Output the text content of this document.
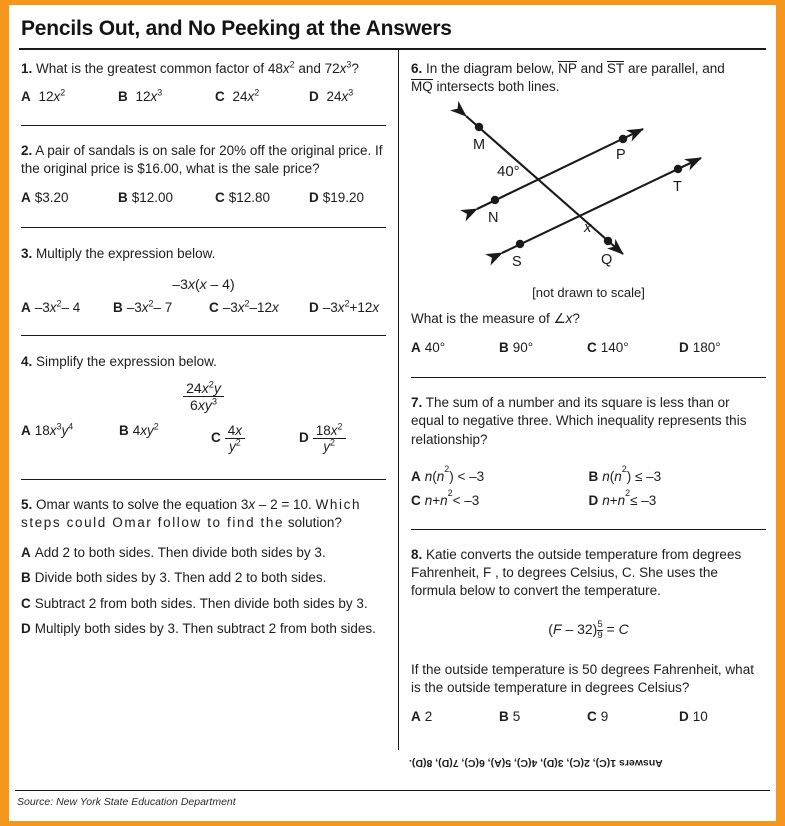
Pencils Out, and No Peeking at the Answers

1. What is the greatest common factor of $48x^2$ and $72x^3$?

A $12x^2$	B $12x^3$	C $24x^2$	D $24x^3$

2. A pair of sandals is on sale for 20% off the original price. If the original price is $16.00, what is the sale price?

A $3.20	B $12.00	C $12.80	D $19.20

3. Multiply the expression below.

–3x(x – 4)
A $-3x^2-$ 4	B $-3x^2-$ 7	C $-3x^2-12x$	D $-3x^2+12x$

4. Simplify the expression below.

$\frac{24x^2y}{6xy^3}$
A $18x^3y^4$	B $4xy^2$
C $\frac{4x}{y^2}$	D $\frac{18x^2}{y^2}$

5. Omar wants to solve the equation 3x – 2 = 10. Which steps could Omar follow to find the solution?

A Add 2 to both sides. Then divide both sides by 3.
B Divide both sides by 3. Then add 2 to both sides.
C Subtract 2 from both sides. Then divide both sides by 3.
D Multiply both sides by 3. Then subtract 2 from both sides.

6. In the diagram below, NP and ST are parallel, and
MQ intersects both lines.

M
P
N
T
S	Q
40°
x
[not drawn to scale]

What is the measure of ∠x?

A 40°	B 90°	C 140°	D 180°

7. The sum of a number and its square is less than or equal to negative three. Which inequality represents this relationship?

A n ( n 2 ) < –3	B n ( n 2 ) ≤ –3
C n + n 2 < –3	D n + n 2 ≤ –3

8. Katie converts the outside temperature from degrees Fahrenheit, F , to degrees Celsius, C. She uses the formula below to convert the temperature.

$(F - 32) \frac{5}{9} = C$

If the outside temperature is 50 degrees Fahrenheit, what is the outside temperature in degrees Celsius?

A 2	B 5	C 9	D 10
Answers 1(C), 2(C), 3(D), 4(C), 5(A), 6(C), 7(D), 8(D).
Source: New York State Education Department
